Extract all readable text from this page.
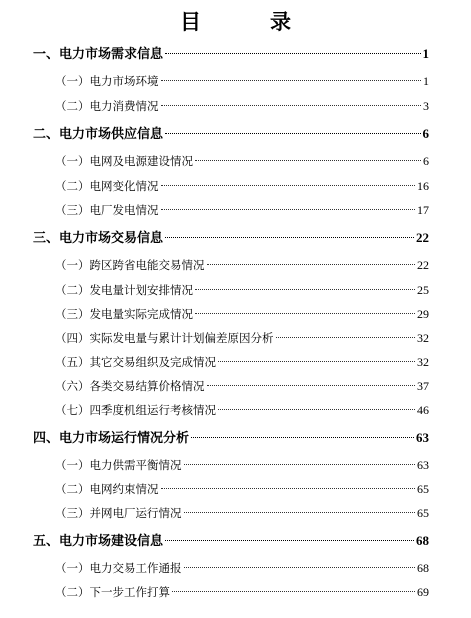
目　录
一、电力市场需求信息	1
（一）电力市场环境	1
（二）电力消费情况	3
二、电力市场供应信息	6
（一）电网及电源建设情况	6
（二）电网变化情况	16
（三）电厂发电情况	17
三、电力市场交易信息	22
（一）跨区跨省电能交易情况	22
（二）发电量计划安排情况	25
（三）发电量实际完成情况	29
（四）实际发电量与累计计划偏差原因分析	32
（五）其它交易组织及完成情况	32
（六）各类交易结算价格情况	37
（七）四季度机组运行考核情况	46
四、电力市场运行情况分析	63
（一）电力供需平衡情况	63
（二）电网约束情况	65
（三）并网电厂运行情况	65
五、电力市场建设信息	68
（一）电力交易工作通报	68
（二）下一步工作打算	69
